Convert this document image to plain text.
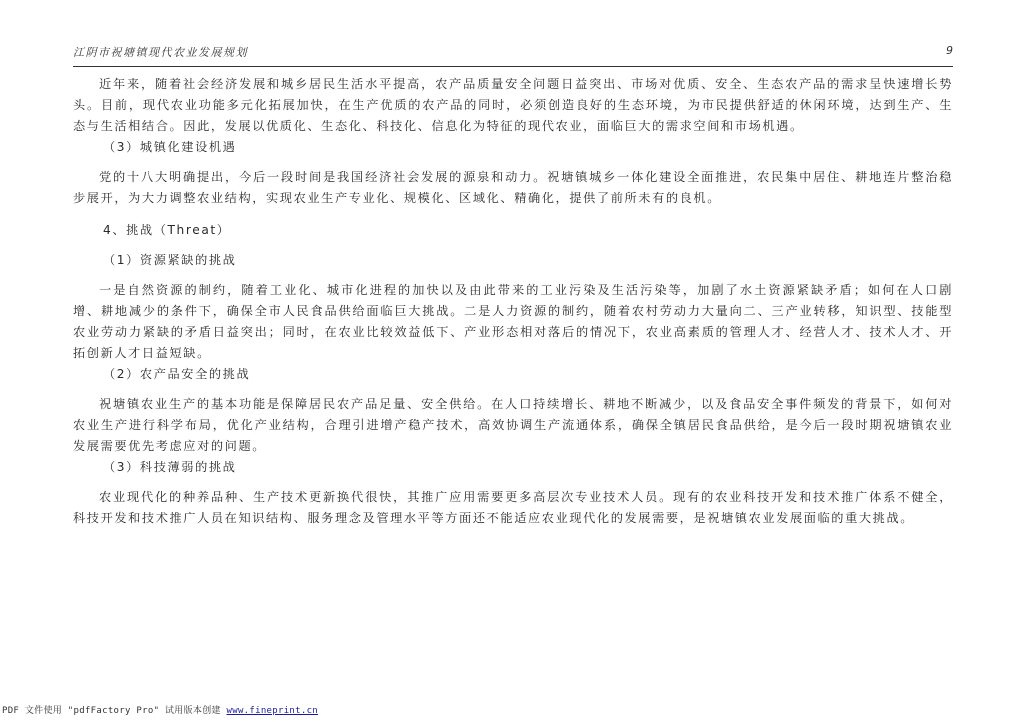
江阴市祝塘镇现代农业发展规划	9

近年来，随着社会经济发展和城乡居民生活水平提高，农产品质量安全问题日益突出、市场对优质、安全、生态农产品的需求呈快速增长势头。目前，现代农业功能多元化拓展加快，在生产优质的农产品的同时，必须创造良好的生态环境，为市民提供舒适的休闲环境，达到生产、生态与生活相结合。因此，发展以优质化、生态化、科技化、信息化为特征的现代农业，面临巨大的需求空间和市场机遇。

（3）城镇化建设机遇

党的十八大明确提出，今后一段时间是我国经济社会发展的源泉和动力。祝塘镇城乡一体化建设全面推进，农民集中居住、耕地连片整治稳步展开，为大力调整农业结构，实现农业生产专业化、规模化、区域化、精确化，提供了前所未有的良机。

4、挑战（Threat）

（1）资源紧缺的挑战

一是自然资源的制约，随着工业化、城市化进程的加快以及由此带来的工业污染及生活污染等，加剧了水土资源紧缺矛盾；如何在人口剧增、耕地减少的条件下，确保全市人民食品供给面临巨大挑战。二是人力资源的制约，随着农村劳动力大量向二、三产业转移，知识型、技能型农业劳动力紧缺的矛盾日益突出；同时，在农业比较效益低下、产业形态相对落后的情况下，农业高素质的管理人才、经营人才、技术人才、开拓创新人才日益短缺。

（2）农产品安全的挑战

祝塘镇农业生产的基本功能是保障居民农产品足量、安全供给。在人口持续增长、耕地不断减少，以及食品安全事件频发的背景下，如何对农业生产进行科学布局，优化产业结构，合理引进增产稳产技术，高效协调生产流通体系，确保全镇居民食品供给，是今后一段时期祝塘镇农业发展需要优先考虑应对的问题。

（3）科技薄弱的挑战

农业现代化的种养品种、生产技术更新换代很快，其推广应用需要更多高层次专业技术人员。现有的农业科技开发和技术推广体系不健全，科技开发和技术推广人员在知识结构、服务理念及管理水平等方面还不能适应农业现代化的发展需要，是祝塘镇农业发展面临的重大挑战。

PDF 文件使用 "pdfFactory Pro" 试用版本创建 www.fineprint.cn
